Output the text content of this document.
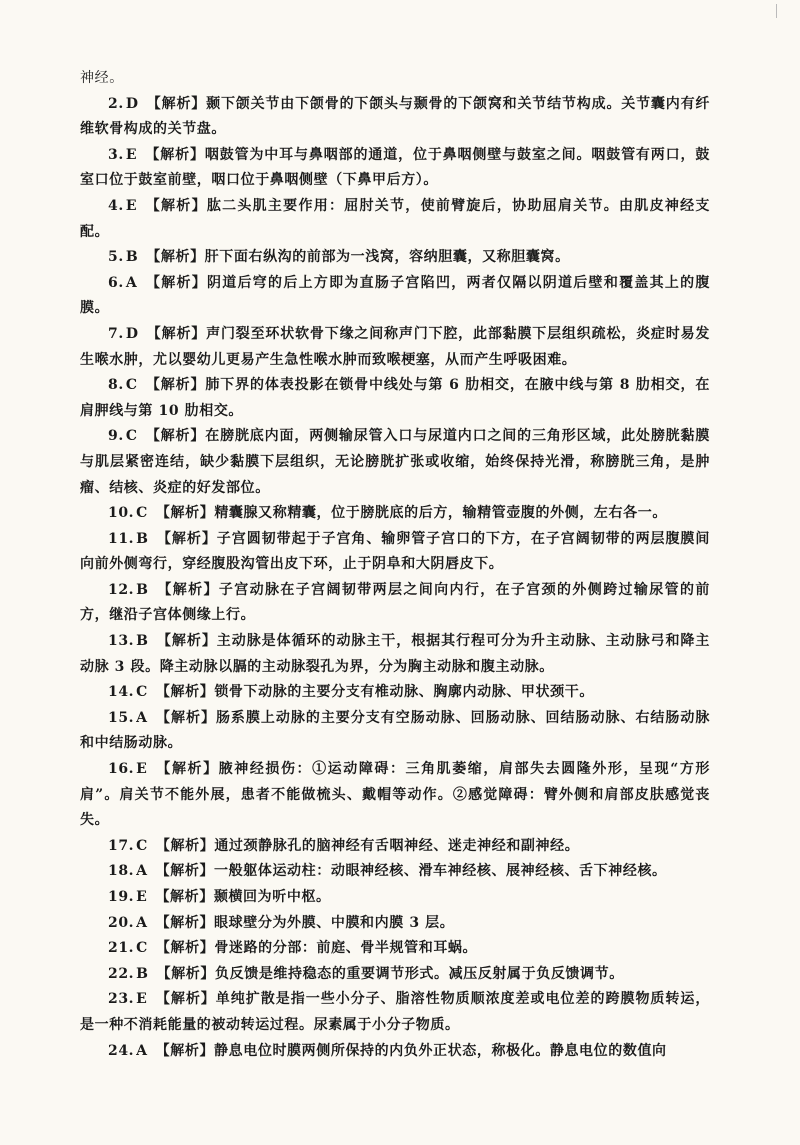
神经。

2. D 【解析】颞下颌关节由下颌骨的下颌头与颞骨的下颌窝和关节结节构成。关节囊内有纤维软骨构成的关节盘。

3. E 【解析】咽鼓管为中耳与鼻咽部的通道，位于鼻咽侧壁与鼓室之间。咽鼓管有两口，鼓室口位于鼓室前壁，咽口位于鼻咽侧壁（下鼻甲后方）。

4. E 【解析】肱二头肌主要作用：屈肘关节，使前臂旋后，协助屈肩关节。由肌皮神经支配。

5. B 【解析】肝下面右纵沟的前部为一浅窝，容纳胆囊，又称胆囊窝。

6. A 【解析】阴道后穹的后上方即为直肠子宫陷凹，两者仅隔以阴道后壁和覆盖其上的腹膜。

7. D 【解析】声门裂至环状软骨下缘之间称声门下腔，此部黏膜下层组织疏松，炎症时易发生喉水肿，尤以婴幼儿更易产生急性喉水肿而致喉梗塞，从而产生呼吸困难。

8. C 【解析】肺下界的体表投影在锁骨中线处与第 6 肋相交，在腋中线与第 8 肋相交，在肩胛线与第 10 肋相交。

9. C 【解析】在膀胱底内面，两侧输尿管入口与尿道内口之间的三角形区域，此处膀胱黏膜与肌层紧密连结，缺少黏膜下层组织，无论膀胱扩张或收缩，始终保持光滑，称膀胱三角，是肿瘤、结核、炎症的好发部位。

10. C 【解析】精囊腺又称精囊，位于膀胱底的后方，输精管壶腹的外侧，左右各一。

11. B 【解析】子宫圆韧带起于子宫角、输卵管子宫口的下方，在子宫阔韧带的两层腹膜间向前外侧弯行，穿经腹股沟管出皮下环，止于阴阜和大阴唇皮下。

12. B 【解析】子宫动脉在子宫阔韧带两层之间向内行，在子宫颈的外侧跨过输尿管的前方，继沿子宫体侧缘上行。

13. B 【解析】主动脉是体循环的动脉主干，根据其行程可分为升主动脉、主动脉弓和降主动脉 3 段。降主动脉以膈的主动脉裂孔为界，分为胸主动脉和腹主动脉。

14. C 【解析】锁骨下动脉的主要分支有椎动脉、胸廓内动脉、甲状颈干。

15. A 【解析】肠系膜上动脉的主要分支有空肠动脉、回肠动脉、回结肠动脉、右结肠动脉和中结肠动脉。

16. E 【解析】腋神经损伤：①运动障碍：三角肌萎缩，肩部失去圆隆外形，呈现“方形肩”。肩关节不能外展，患者不能做梳头、戴帽等动作。②感觉障碍：臂外侧和肩部皮肤感觉丧失。

17. C 【解析】通过颈静脉孔的脑神经有舌咽神经、迷走神经和副神经。

18. A 【解析】一般躯体运动柱：动眼神经核、滑车神经核、展神经核、舌下神经核。

19. E 【解析】颞横回为听中枢。

20. A 【解析】眼球壁分为外膜、中膜和内膜 3 层。

21. C 【解析】骨迷路的分部：前庭、骨半规管和耳蜗。

22. B 【解析】负反馈是维持稳态的重要调节形式。减压反射属于负反馈调节。

23. E 【解析】单纯扩散是指一些小分子、脂溶性物质顺浓度差或电位差的跨膜物质转运，是一种不消耗能量的被动转运过程。尿素属于小分子物质。

24. A 【解析】静息电位时膜两侧所保持的内负外正状态，称极化。静息电位的数值向
